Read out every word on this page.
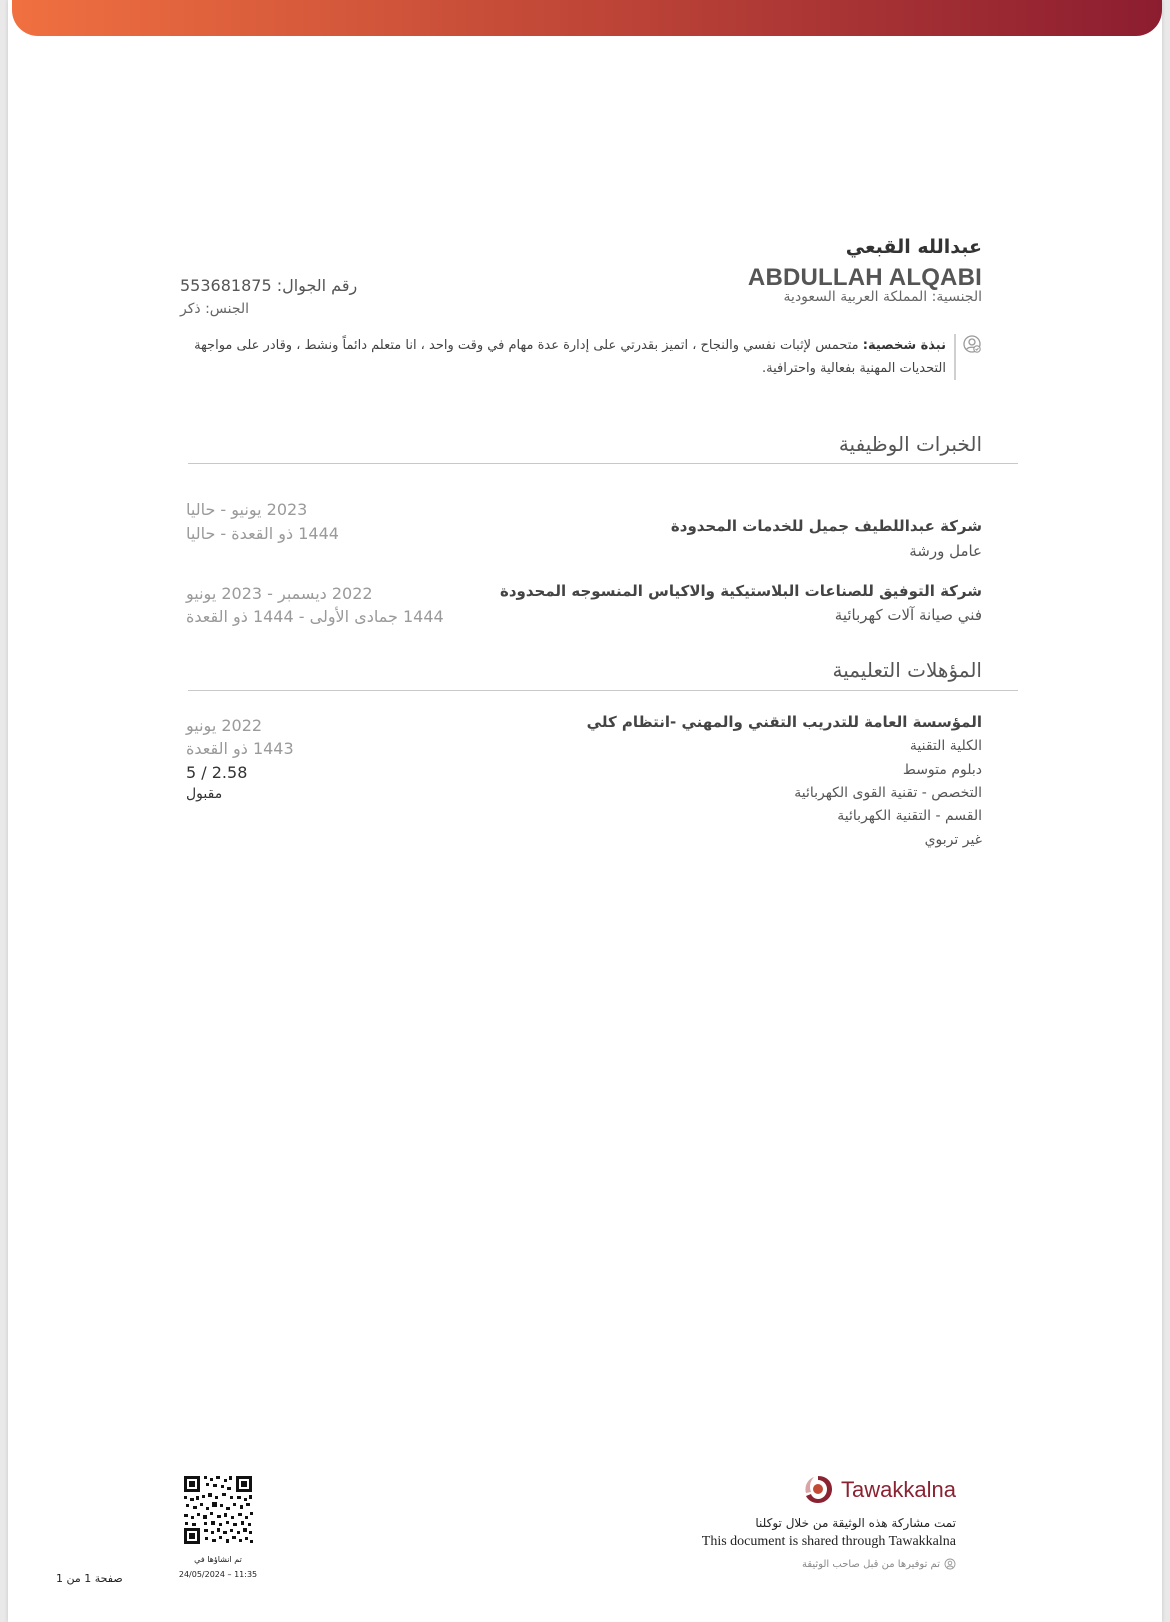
عبدالله القبعي
ABDULLAH ALQABI
الجنسية: المملكة العربية السعودية
رقم الجوال: 553681875
الجنس: ذكر
نبذة شخصية: متحمس لإثبات نفسي والنجاح ، اتميز بقدرتي على إدارة عدة مهام في وقت واحد ، انا متعلم دائماً ونشط ، وقادر على مواجهة التحديات المهنية بفعالية واحترافية.
الخبرات الوظيفية
2023 يونيو - حاليا
1444 ذو القعدة - حاليا	شركة عبداللطيف جميل للخدمات المحدودة
عامل ورشة
2022 ديسمبر - 2023 يونيو
1444 جمادى الأولى - 1444 ذو القعدة
شركة التوفيق للصناعات البلاستيكية والاكياس المنسوجه المحدودة
فني صيانة آلات كهربائية
المؤهلات التعليمية
المؤسسة العامة للتدريب التقني والمهني -انتظام كلي
الكلية التقنية
دبلوم متوسط
التخصص - تقنية القوى الكهربائية
القسم - التقنية الكهربائية
غير تربوي
2022 يونيو
1443 ذو القعدة
5 / 2.58
مقبول
Tawakkalna
تمت مشاركة هذه الوثيقة من خلال توكلنا
This document is shared through Tawakkalna
تم توفيرها من قبل صاحب الوثيقة
تم انشاؤها في
24/05/2024 – 11:35
صفحة 1 من 1
